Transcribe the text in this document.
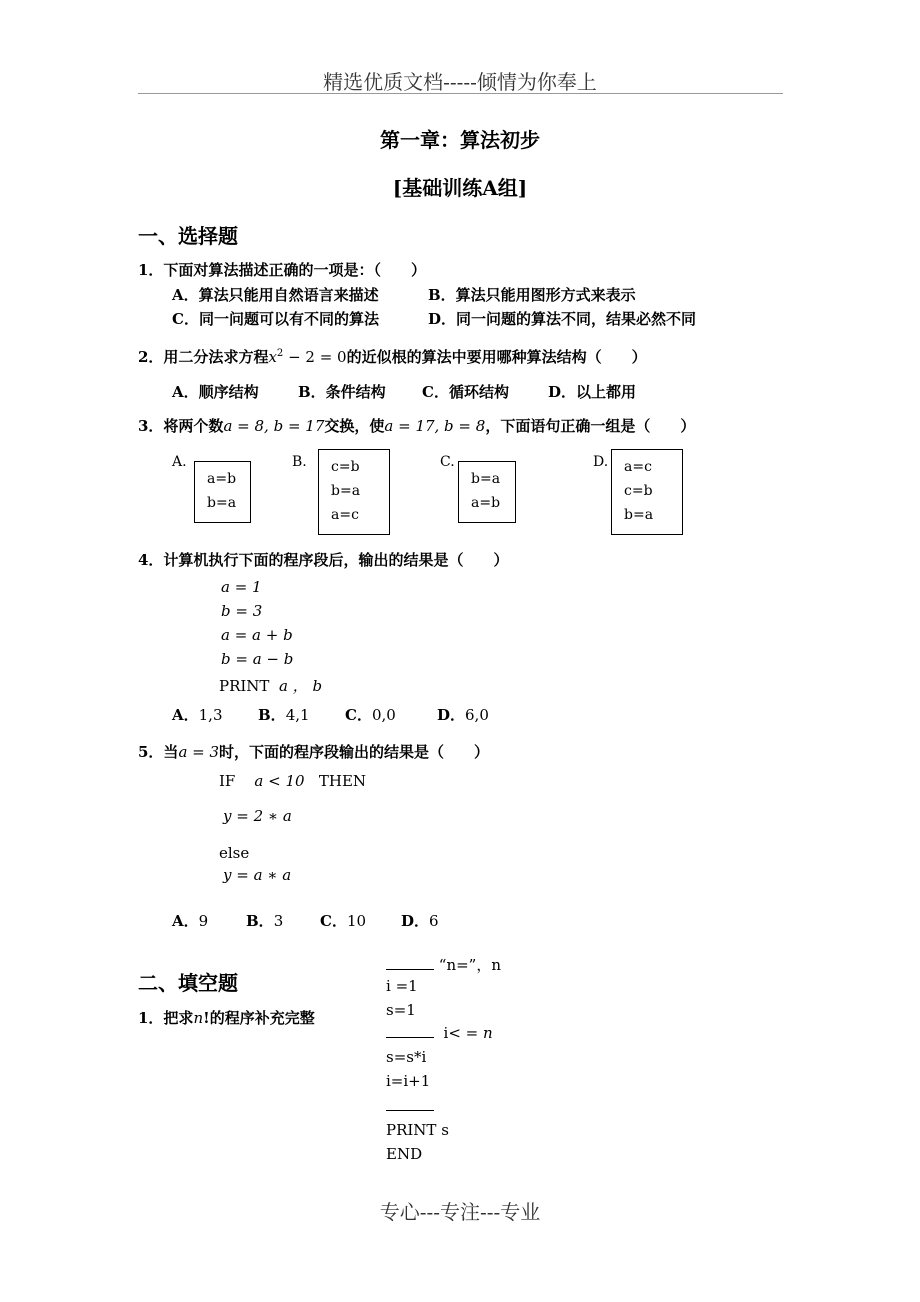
精选优质文档-----倾情为你奉上
第一章：算法初步
[基础训练A组]
一、选择题
1．下面对算法描述正确的一项是：（　　）
A．算法只能用自然语言来描述	B．算法只能用图形方式来表示
C．同一问题可以有不同的算法	D．同一问题的算法不同，结果必然不同
2．用二分法求方程$x^2 - 2 = 0$的近似根的算法中要用哪种算法结构（　　）
A．顺序结构	B．条件结构 C．循环结构	D．以上都用
3．将两个数a = 8, b = 17交换，使a = 17, b = 8，下面语句正确一组是（　　）
A.
a=b
b=a
B. c=b
b=a
a=c
C.
b=a
a=b
D. a=c
c=b
b=a
4．计算机执行下面的程序段后，输出的结果是（　　）
a = 1
b = 3
a = a + b
b = a − b
PRINT a ， b
A．1,3 B．4,1 C．0,0	D．6,0
5．当a = 3时，下面的程序段输出的结果是（　　）
IF a < 10 THEN
y = 2 ∗ a
else
y = a ∗ a
A．9	B．3 C．10 D．6
二、填空题
1．把求n!的程序补充完整
“n=”，n
i =1
s=1
i< = n
s=s*i
i=i+1
PRINT s
END
专心---专注---专业
